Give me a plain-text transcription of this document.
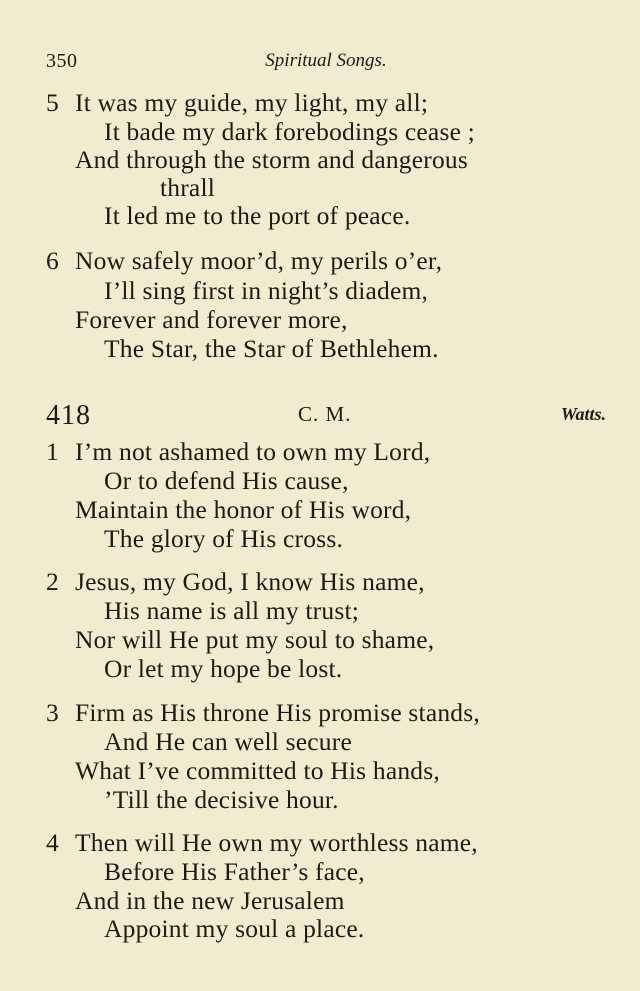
350	Spiritual Songs.
5 It was my guide, my light, my all;
It bade my dark forebodings cease ;
And through the storm and dangerous
thrall
It led me to the port of peace.
6 Now safely moor’d, my perils o’er,
I’ll sing first in night’s diadem,
Forever and forever more,
The Star, the Star of Bethlehem.
418	C. M.	Watts.
1 I’m not ashamed to own my Lord,
Or to defend His cause,
Maintain the honor of His word,
The glory of His cross.
2 Jesus, my God, I know His name,
His name is all my trust;
Nor will He put my soul to shame,
Or let my hope be lost.
3 Firm as His throne His promise stands,
And He can well secure
What I’ve committed to His hands,
’Till the decisive hour.
4 Then will He own my worthless name,
Before His Father’s face,
And in the new Jerusalem
Appoint my soul a place.
